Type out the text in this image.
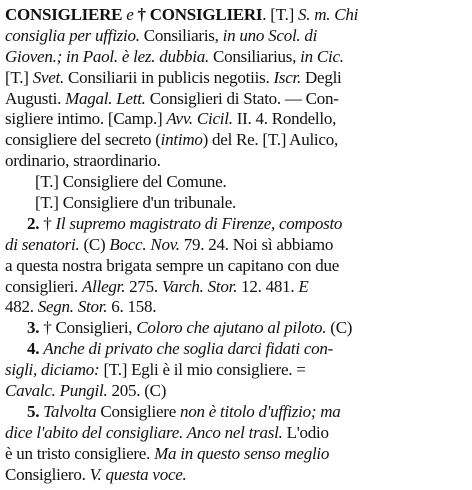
CONSIGLIERE e † CONSIGLIERI. [T.] S. m. Chi
consiglia per uffizio. Consiliaris, in uno Scol. di
Gioven.; in Paol. è lez. dubbia. Consiliarius, in Cic.
[T.] Svet. Consiliarii in publicis negotiis. Iscr. Degli
Augusti. Magal. Lett. Consiglieri di Stato. — Con-
sigliere intimo. [Camp.] Avv. Cicil. II. 4. Rondello,
consigliere del secreto (intimo) del Re. [T.] Aulico,
ordinario, straordinario.
[T.] Consigliere del Comune.
[T.] Consigliere d'un tribunale.
2. † Il supremo magistrato di Firenze, composto
di senatori. (C) Bocc. Nov. 79. 24. Noi sì abbiamo
a questa nostra brigata sempre un capitano con due
consiglieri. Allegr. 275. Varch. Stor. 12. 481. E
482. Segn. Stor. 6. 158.
3. † Consiglieri, Coloro che ajutano al piloto. (C)
4. Anche di privato che soglia darci fidati con-
sigli, diciamo: [T.] Egli è il mio consigliere. =
Cavalc. Pungil. 205. (C)
5. Talvolta Consigliere non è titolo d'uffizio; ma
dice l'abito del consigliare. Anco nel trasl. L'odio
è un tristo consigliere. Ma in questo senso meglio
Consigliero. V. questa voce.
